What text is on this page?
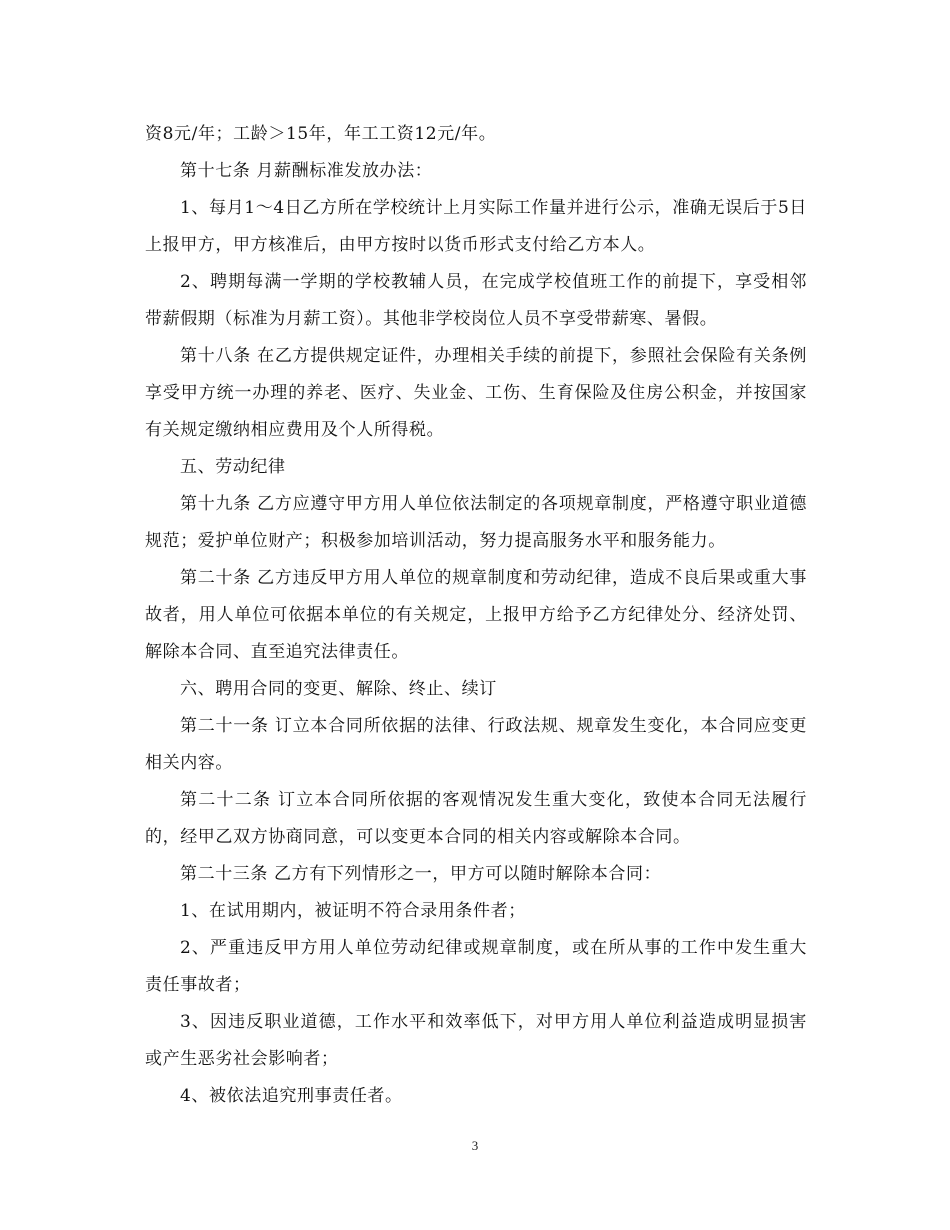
资8元/年；工龄＞15年，年工工资12元/年。

第十七条 月薪酬标准发放办法：

1、每月1～4日乙方所在学校统计上月实际工作量并进行公示，准确无误后于5日上报甲方，甲方核准后，由甲方按时以货币形式支付给乙方本人。

2、聘期每满一学期的学校教辅人员，在完成学校值班工作的前提下，享受相邻带薪假期（标准为月薪工资）。其他非学校岗位人员不享受带薪寒、暑假。

第十八条 在乙方提供规定证件，办理相关手续的前提下，参照社会保险有关条例享受甲方统一办理的养老、医疗、失业金、工伤、生育保险及住房公积金，并按国家有关规定缴纳相应费用及个人所得税。

五、劳动纪律

第十九条 乙方应遵守甲方用人单位依法制定的各项规章制度，严格遵守职业道德规范；爱护单位财产；积极参加培训活动，努力提高服务水平和服务能力。

第二十条 乙方违反甲方用人单位的规章制度和劳动纪律，造成不良后果或重大事故者，用人单位可依据本单位的有关规定，上报甲方给予乙方纪律处分、经济处罚、解除本合同、直至追究法律责任。

六、聘用合同的变更、解除、终止、续订

第二十一条 订立本合同所依据的法律、行政法规、规章发生变化，本合同应变更相关内容。

第二十二条 订立本合同所依据的客观情况发生重大变化，致使本合同无法履行的，经甲乙双方协商同意，可以变更本合同的相关内容或解除本合同。

第二十三条 乙方有下列情形之一，甲方可以随时解除本合同：

1、在试用期内，被证明不符合录用条件者；

2、严重违反甲方用人单位劳动纪律或规章制度，或在所从事的工作中发生重大责任事故者；

3、因违反职业道德，工作水平和效率低下，对甲方用人单位利益造成明显损害或产生恶劣社会影响者；

4、被依法追究刑事责任者。

3
